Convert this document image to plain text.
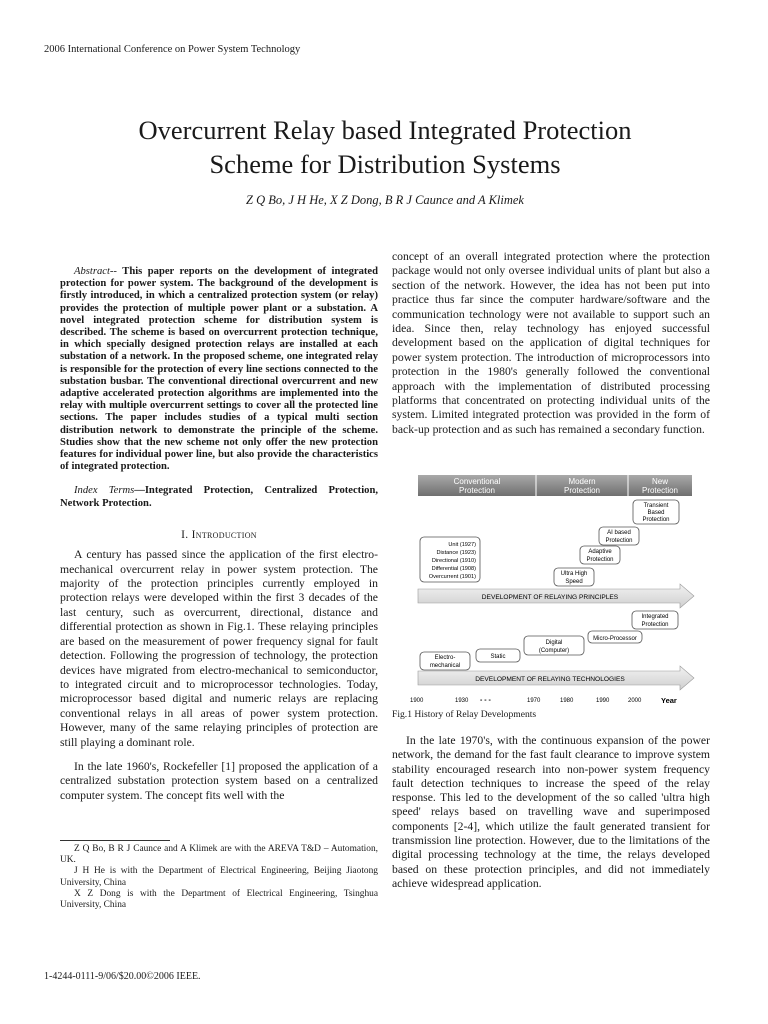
2006 International Conference on Power System Technology
Overcurrent Relay based Integrated Protection
Scheme for Distribution Systems
Z Q Bo, J H He, X Z Dong, B R J Caunce and A Klimek

Abstract-- This paper reports on the development of integrated protection for power system. The background of the development is firstly introduced, in which a centralized protection system (or relay) provides the protection of multiple power plant or a substation. A novel integrated protection scheme for distribution system is described. The scheme is based on overcurrent protection technique, in which specially designed protection relays are installed at each substation of a network. In the proposed scheme, one integrated relay is responsible for the protection of every line sections connected to the substation busbar. The conventional directional overcurrent and new adaptive accelerated protection algorithms are implemented into the relay with multiple overcurrent settings to cover all the protected line sections. The paper includes studies of a typical multi section distribution network to demonstrate the principle of the scheme. Studies show that the new scheme not only offer the new protection features for individual power line, but also provide the characteristics of integrated protection.

Index Terms—Integrated Protection, Centralized Protection, Network Protection.

I. Introduction

A century has passed since the application of the first electro-mechanical overcurrent relay in power system protection. The majority of the protection principles currently employed in protection relays were developed within the first 3 decades of the last century, such as overcurrent, directional, distance and differential protection as shown in Fig.1. These relaying principles are based on the measurement of power frequency signal for fault detection. Following the progression of technology, the protection devices have migrated from electro-mechanical to semiconductor, to integrated circuit and to microprocessor technologies. Today, microprocessor based digital and numeric relays are replacing conventional relays in all areas of power system protection. However, many of the same relaying principles of protection are still playing a dominant role.

In the late 1960's, Rockefeller [1] proposed the application of a centralized substation protection system based on a centralized computer system. The concept fits well with the

Z Q Bo, B R J Caunce and A Klimek are with the AREVA T&D – Automation, UK.

J H He is with the Department of Electrical Engineering, Beijing Jiaotong University, China

X Z Dong is with the Department of Electrical Engineering, Tsinghua University, China

1-4244-0111-9/06/$20.00©2006 IEEE.

concept of an overall integrated protection where the protection package would not only oversee individual units of plant but also a section of the network. However, the idea has not been put into practice thus far since the computer hardware/software and the communication technology were not available to support such an idea. Since then, relay technology has enjoyed successful development based on the application of digital techniques for power system protection. The introduction of microprocessors into protection in the 1980's generally followed the conventional approach with the implementation of distributed processing platforms that concentrated on protecting individual units of the system. Limited integrated protection was provided in the form of back-up protection and as such has remained a secondary function.

Conventional
Protection
Modern
Protection
New
Protection
Transient
Based
Protection
AI based
Protection
Adaptive
Protection
Ultra High
Speed
Unit (1927)
Distance (1923)
Directional (1910)
Differential (1908)
Overcurrent (1901)
DEVELOPMENT OF RELAYING PRINCIPLES
Integrated
Protection
Micro-Processor
Digital
(Computer)
Static
Electro-
mechanical
DEVELOPMENT OF RELAYING TECHNOLOGIES
1900	1930 - - -	1970	1980	1990	2000	Year
Fig.1 History of Relay Developments

In the late 1970's, with the continuous expansion of the power network, the demand for the fast fault clearance to improve system stability encouraged research into non-power system frequency fault detection techniques to increase the speed of the relay response. This led to the development of the so called 'ultra high speed' relays based on travelling wave and superimposed components [2-4], which utilize the fault generated transient for transmission line protection. However, due to the limitations of the digital processing technology at the time, the relays developed based on these protection principles, and did not immediately achieve widespread application.
